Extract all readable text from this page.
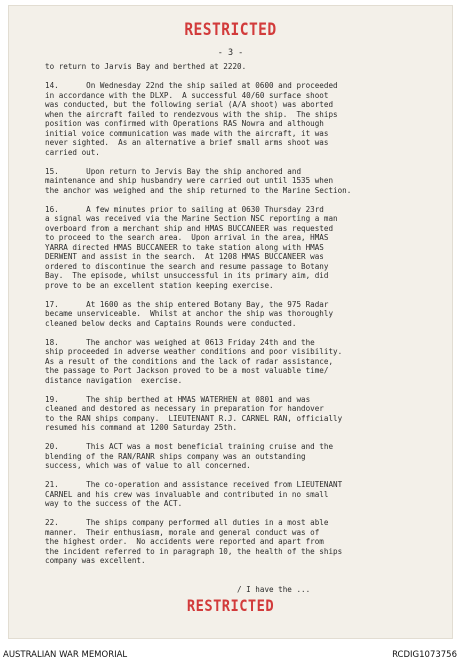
RESTRICTED
- 3 -
to return to Jarvis Bay and berthed at 2220.
14.      On Wednesday 22nd the ship sailed at 0600 and proceeded
in accordance with the DLXP.  A successful 40/60 surface shoot
was conducted, but the following serial (A/A shoot) was aborted
when the aircraft failed to rendezvous with the ship.  The ships
position was confirmed with Operations RAS Nowra and although
initial voice communication was made with the aircraft, it was
never sighted.  As an alternative a brief small arms shoot was
carried out.
15.      Upon return to Jervis Bay the ship anchored and
maintenance and ship husbandry were carried out until 1535 when
the anchor was weighed and the ship returned to the Marine Section.
16.      A few minutes prior to sailing at 0630 Thursday 23rd
a signal was received via the Marine Section NSC reporting a man
overboard from a merchant ship and HMAS BUCCANEER was requested
to proceed to the search area.  Upon arrival in the area, HMAS
YARRA directed HMAS BUCCANEER to take station along with HMAS
DERWENT and assist in the search.  At 1208 HMAS BUCCANEER was
ordered to discontinue the search and resume passage to Botany
Bay.  The episode, whilst unsuccessful in its primary aim, did
prove to be an excellent station keeping exercise.
17.      At 1600 as the ship entered Botany Bay, the 975 Radar
became unserviceable.  Whilst at anchor the ship was thoroughly
cleaned below decks and Captains Rounds were conducted.
18.      The anchor was weighed at 0613 Friday 24th and the
ship proceeded in adverse weather conditions and poor visibility.
As a result of the conditions and the lack of radar assistance,
the passage to Port Jackson proved to be a most valuable time/
distance navigation  exercise.
19.      The ship berthed at HMAS WATERHEN at 0801 and was
cleaned and destored as necessary in preparation for handover
to the RAN ships company.  LIEUTENANT R.J. CARNEL RAN, officially
resumed his command at 1200 Saturday 25th.
20.      This ACT was a most beneficial training cruise and the
blending of the RAN/RANR ships company was an outstanding
success, which was of value to all concerned.
21.      The co-operation and assistance received from LIEUTENANT
CARNEL and his crew was invaluable and contributed in no small
way to the success of the ACT.
22.      The ships company performed all duties in a most able
manner.  Their enthusiasm, morale and general conduct was of
the highest order.  No accidents were reported and apart from
the incident referred to in paragraph 10, the health of the ships
company was excellent.
/ I have the ...
RESTRICTED
AUSTRALIAN WAR MEMORIAL	RCDIG1073756
